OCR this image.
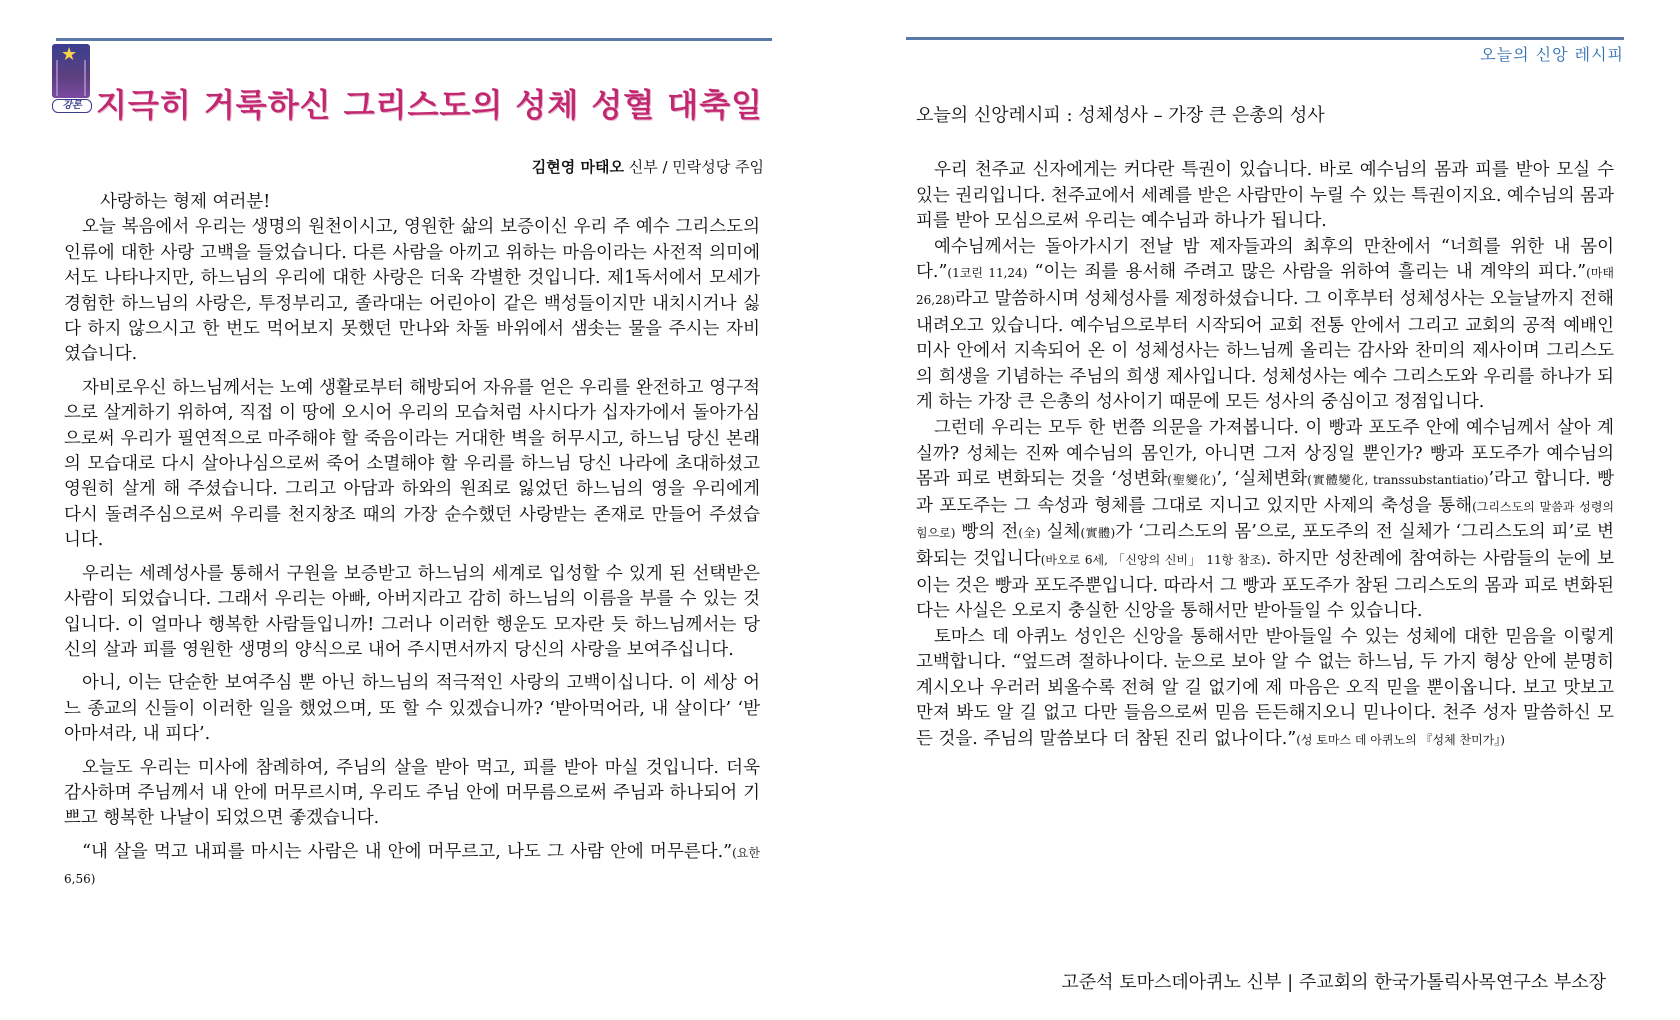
★
강론 지극히 거룩하신 그리스도의 성체 성혈 대축일
김현영 마태오 신부 / 민락성당 주임

사랑하는 형제 여러분!

오늘 복음에서 우리는 생명의 원천이시고, 영원한 삶의 보증이신 우리 주 예수 그리스도의 인류에 대한 사랑 고백을 들었습니다. 다른 사람을 아끼고 위하는 마음이라는 사전적 의미에서도 나타나지만, 하느님의 우리에 대한 사랑은 더욱 각별한 것입니다. 제1독서에서 모세가 경험한 하느님의 사랑은, 투정부리고, 졸라대는 어린아이 같은 백성들이지만 내치시거나 싫다 하지 않으시고 한 번도 먹어보지 못했던 만나와 차돌 바위에서 샘솟는 물을 주시는 자비였습니다.

자비로우신 하느님께서는 노예 생활로부터 해방되어 자유를 얻은 우리를 완전하고 영구적으로 살게하기 위하여, 직접 이 땅에 오시어 우리의 모습처럼 사시다가 십자가에서 돌아가심으로써 우리가 필연적으로 마주해야 할 죽음이라는 거대한 벽을 허무시고, 하느님 당신 본래의 모습대로 다시 살아나심으로써 죽어 소멸해야 할 우리를 하느님 당신 나라에 초대하셨고 영원히 살게 해 주셨습니다. 그리고 아담과 하와의 원죄로 잃었던 하느님의 영을 우리에게 다시 돌려주심으로써 우리를 천지창조 때의 가장 순수했던 사랑받는 존재로 만들어 주셨습니다.

우리는 세례성사를 통해서 구원을 보증받고 하느님의 세계로 입성할 수 있게 된 선택받은 사람이 되었습니다. 그래서 우리는 아빠, 아버지라고 감히 하느님의 이름을 부를 수 있는 것입니다. 이 얼마나 행복한 사람들입니까! 그러나 이러한 행운도 모자란 듯 하느님께서는 당신의 살과 피를 영원한 생명의 양식으로 내어 주시면서까지 당신의 사랑을 보여주십니다.

아니, 이는 단순한 보여주심 뿐 아닌 하느님의 적극적인 사랑의 고백이십니다. 이 세상 어느 종교의 신들이 이러한 일을 했었으며, 또 할 수 있겠습니까? ‘받아먹어라, 내 살이다’ ‘받아마셔라, 내 피다’.

오늘도 우리는 미사에 참례하여, 주님의 살을 받아 먹고, 피를 받아 마실 것입니다. 더욱 감사하며 주님께서 내 안에 머무르시며, 우리도 주님 안에 머무름으로써 주님과 하나되어 기쁘고 행복한 나날이 되었으면 좋겠습니다.

“내 살을 먹고 내피를 마시는 사람은 내 안에 머무르고, 나도 그 사람 안에 머무른다.”(요한 6,56)

오늘의 신앙 레시피
오늘의 신앙레시피 : 성체성사 – 가장 큰 은총의 성사

우리 천주교 신자에게는 커다란 특권이 있습니다. 바로 예수님의 몸과 피를 받아 모실 수 있는 권리입니다. 천주교에서 세례를 받은 사람만이 누릴 수 있는 특권이지요. 예수님의 몸과 피를 받아 모심으로써 우리는 예수님과 하나가 됩니다.

예수님께서는 돌아가시기 전날 밤 제자들과의 최후의 만찬에서 “너희를 위한 내 몸이다.”(1코린 11,24) “이는 죄를 용서해 주려고 많은 사람을 위하여 흘리는 내 계약의 피다.”(마태 26,28)라고 말씀하시며 성체성사를 제정하셨습니다. 그 이후부터 성체성사는 오늘날까지 전해 내려오고 있습니다. 예수님으로부터 시작되어 교회 전통 안에서 그리고 교회의 공적 예배인 미사 안에서 지속되어 온 이 성체성사는 하느님께 올리는 감사와 찬미의 제사이며 그리스도의 희생을 기념하는 주님의 희생 제사입니다. 성체성사는 예수 그리스도와 우리를 하나가 되게 하는 가장 큰 은총의 성사이기 때문에 모든 성사의 중심이고 정점입니다.

그런데 우리는 모두 한 번쯤 의문을 가져봅니다. 이 빵과 포도주 안에 예수님께서 살아 계실까? 성체는 진짜 예수님의 몸인가, 아니면 그저 상징일 뿐인가? 빵과 포도주가 예수님의 몸과 피로 변화되는 것을 ‘성변화(聖變化)’, ‘실체변화(實體變化, transsubstantiatio)’라고 합니다. 빵과 포도주는 그 속성과 형체를 그대로 지니고 있지만 사제의 축성을 통해(그리스도의 말씀과 성령의 힘으로) 빵의 전(全) 실체(實體)가 ‘그리스도의 몸’으로, 포도주의 전 실체가 ‘그리스도의 피’로 변화되는 것입니다(바오로 6세, 「신앙의 신비」 11항 참조). 하지만 성찬례에 참여하는 사람들의 눈에 보이는 것은 빵과 포도주뿐입니다. 따라서 그 빵과 포도주가 참된 그리스도의 몸과 피로 변화된다는 사실은 오로지 충실한 신앙을 통해서만 받아들일 수 있습니다.

토마스 데 아퀴노 성인은 신앙을 통해서만 받아들일 수 있는 성체에 대한 믿음을 이렇게 고백합니다. “엎드려 절하나이다. 눈으로 보아 알 수 없는 하느님, 두 가지 형상 안에 분명히 계시오나 우러러 뵈올수록 전혀 알 길 없기에 제 마음은 오직 믿을 뿐이옵니다. 보고 맛보고 만져 봐도 알 길 없고 다만 들음으로써 믿음 든든해지오니 믿나이다. 천주 성자 말씀하신 모든 것을. 주님의 말씀보다 더 참된 진리 없나이다.”(성 토마스 데 아퀴노의 『성체 찬미가』)

고준석 토마스데아퀴노 신부 | 주교회의 한국가톨릭사목연구소 부소장
